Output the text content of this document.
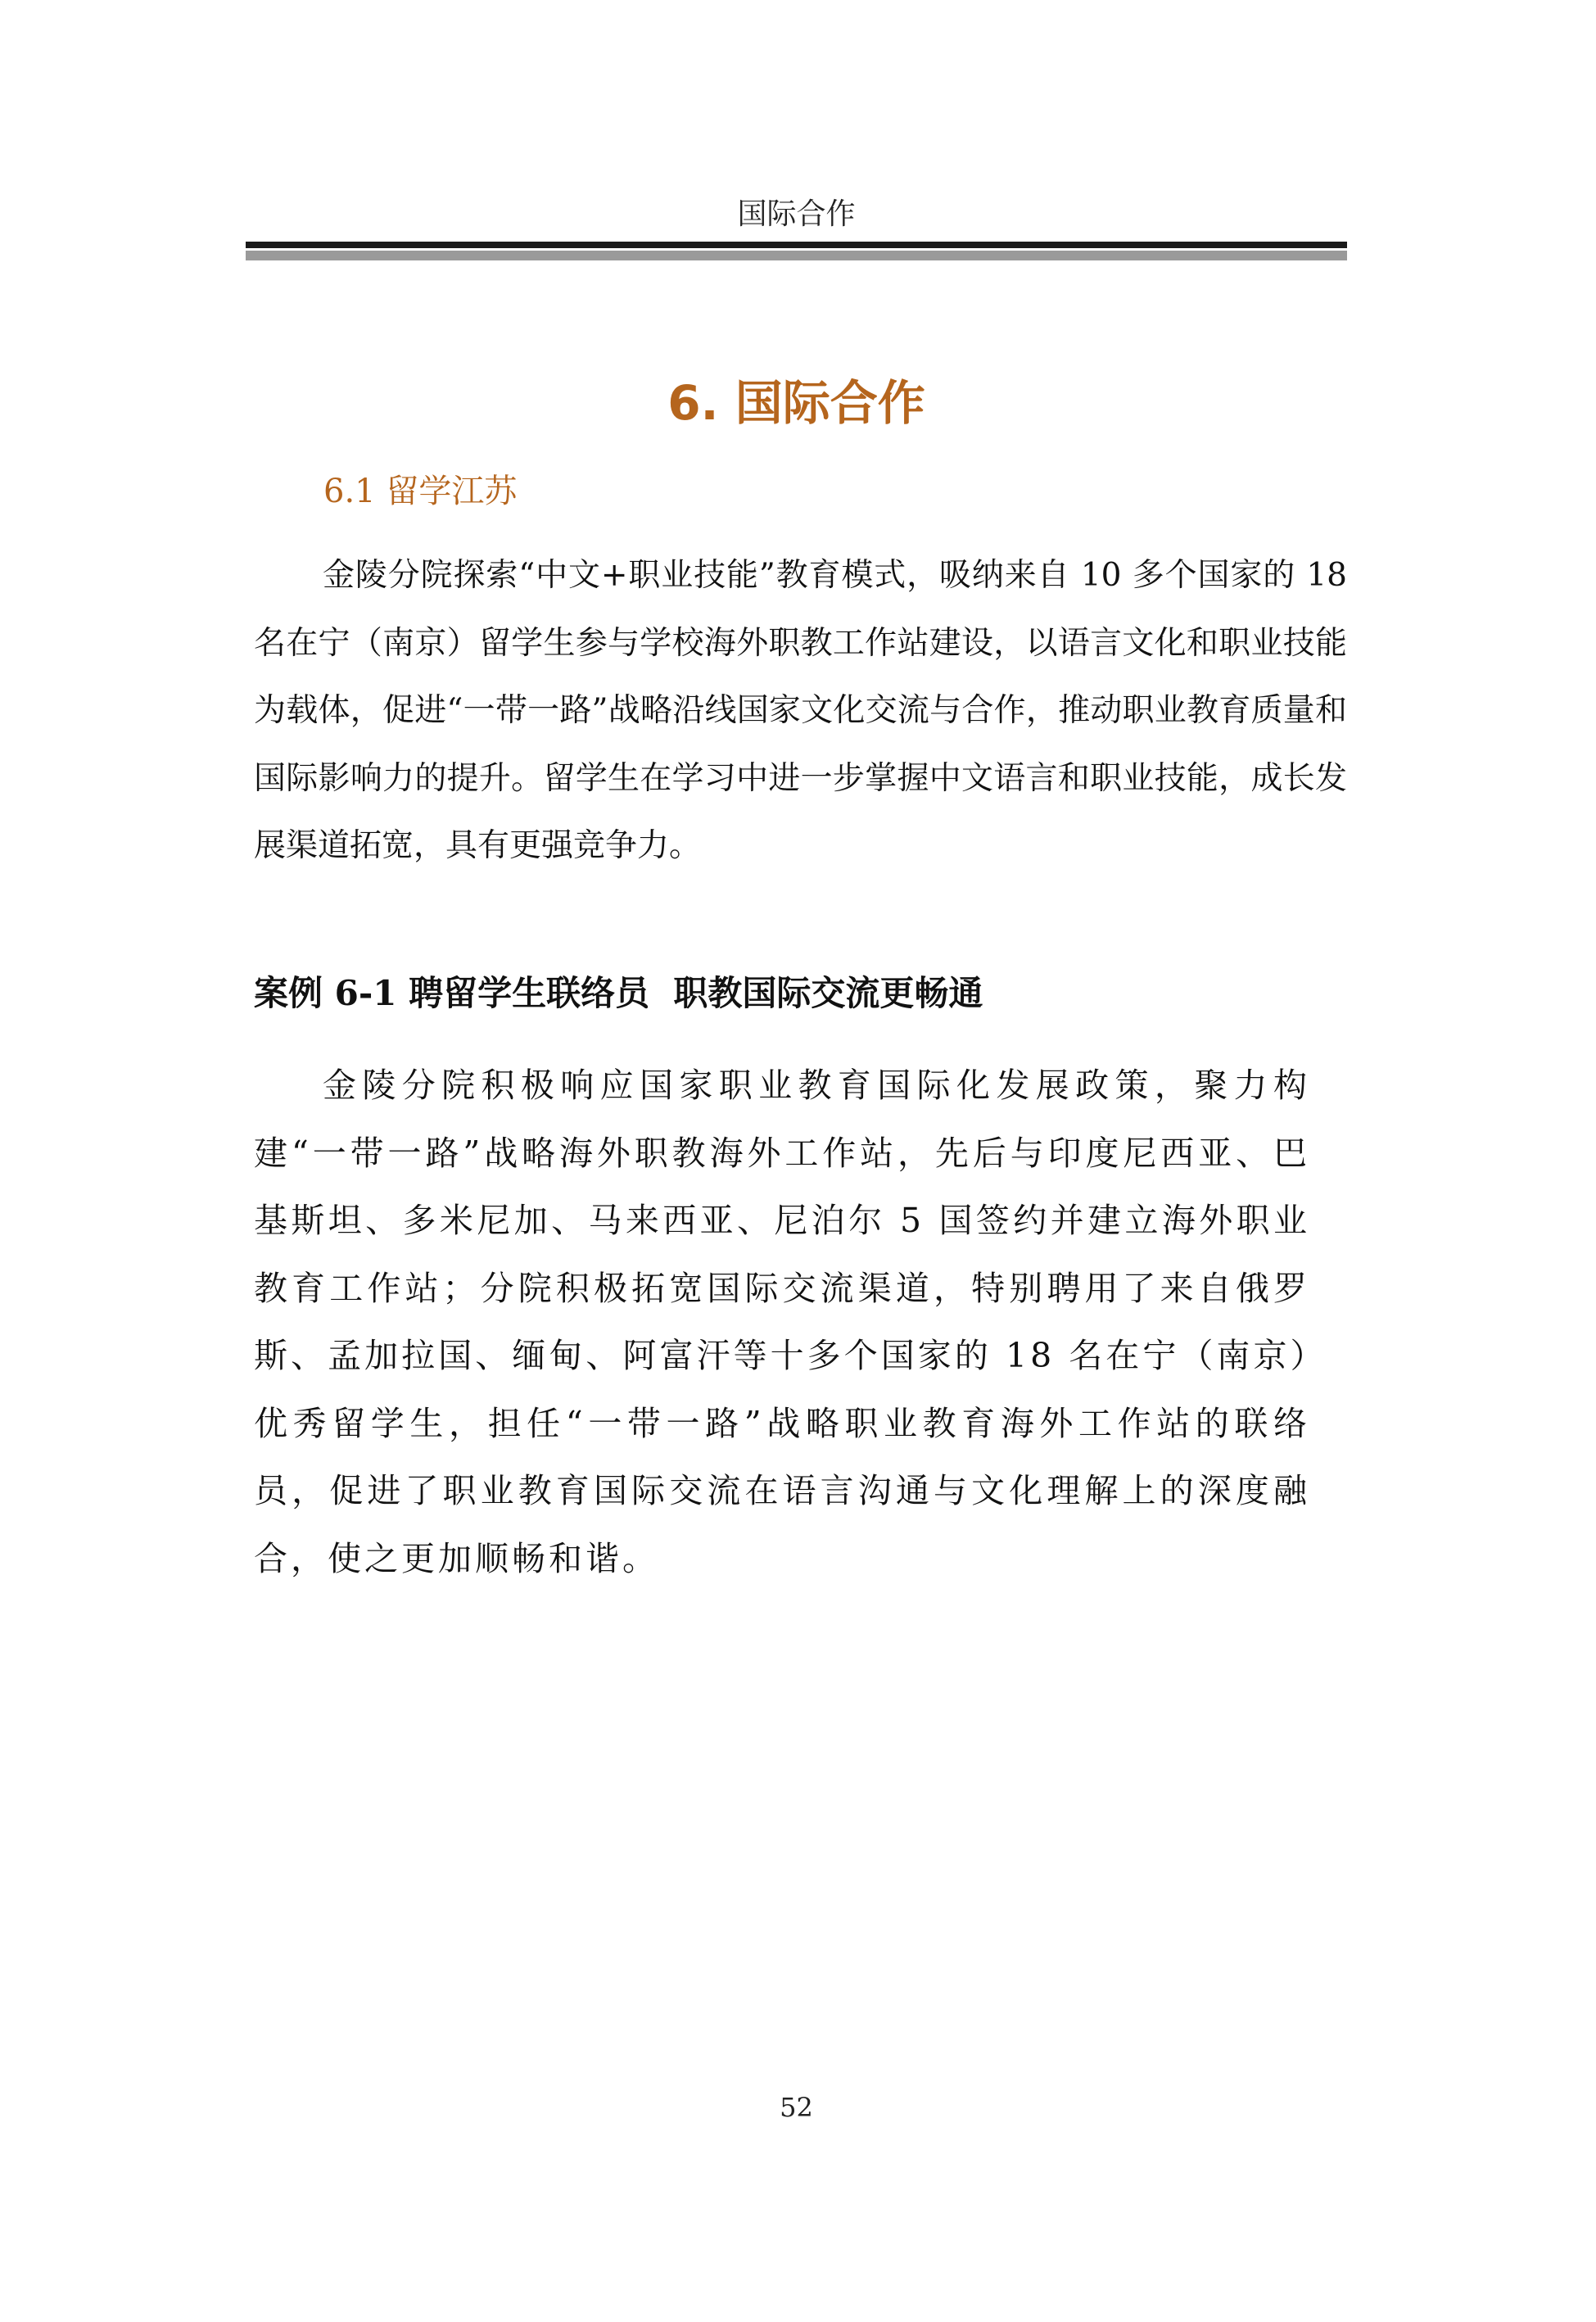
国际合作
6. 国际合作
6.1 留学江苏

金陵分院探索“中文+职业技能”教育模式，吸纳来自 10 多个国家的 18 名在宁（南京）留学生参与学校海外职教工作站建设，以语言文化和职业技能为载体，促进“一带一路”战略沿线国家文化交流与合作，推动职业教育质量和国际影响力的提升。留学生在学习中进一步掌握中文语言和职业技能，成长发展渠道拓宽，具有更强竞争力。

案例 6-1 聘留学生联络员  职教国际交流更畅通

金陵分院积极响应国家职业教育国际化发展政策，聚力构建“一带一路”战略海外职教海外工作站，先后与印度尼西亚、巴基斯坦、多米尼加、马来西亚、尼泊尔 5 国签约并建立海外职业教育工作站；分院积极拓宽国际交流渠道，特别聘用了来自俄罗斯、孟加拉国、缅甸、阿富汗等十多个国家的 18 名在宁（南京）优秀留学生，担任“一带一路”战略职业教育海外工作站的联络员，促进了职业教育国际交流在语言沟通与文化理解上的深度融合，使之更加顺畅和谐。

52
